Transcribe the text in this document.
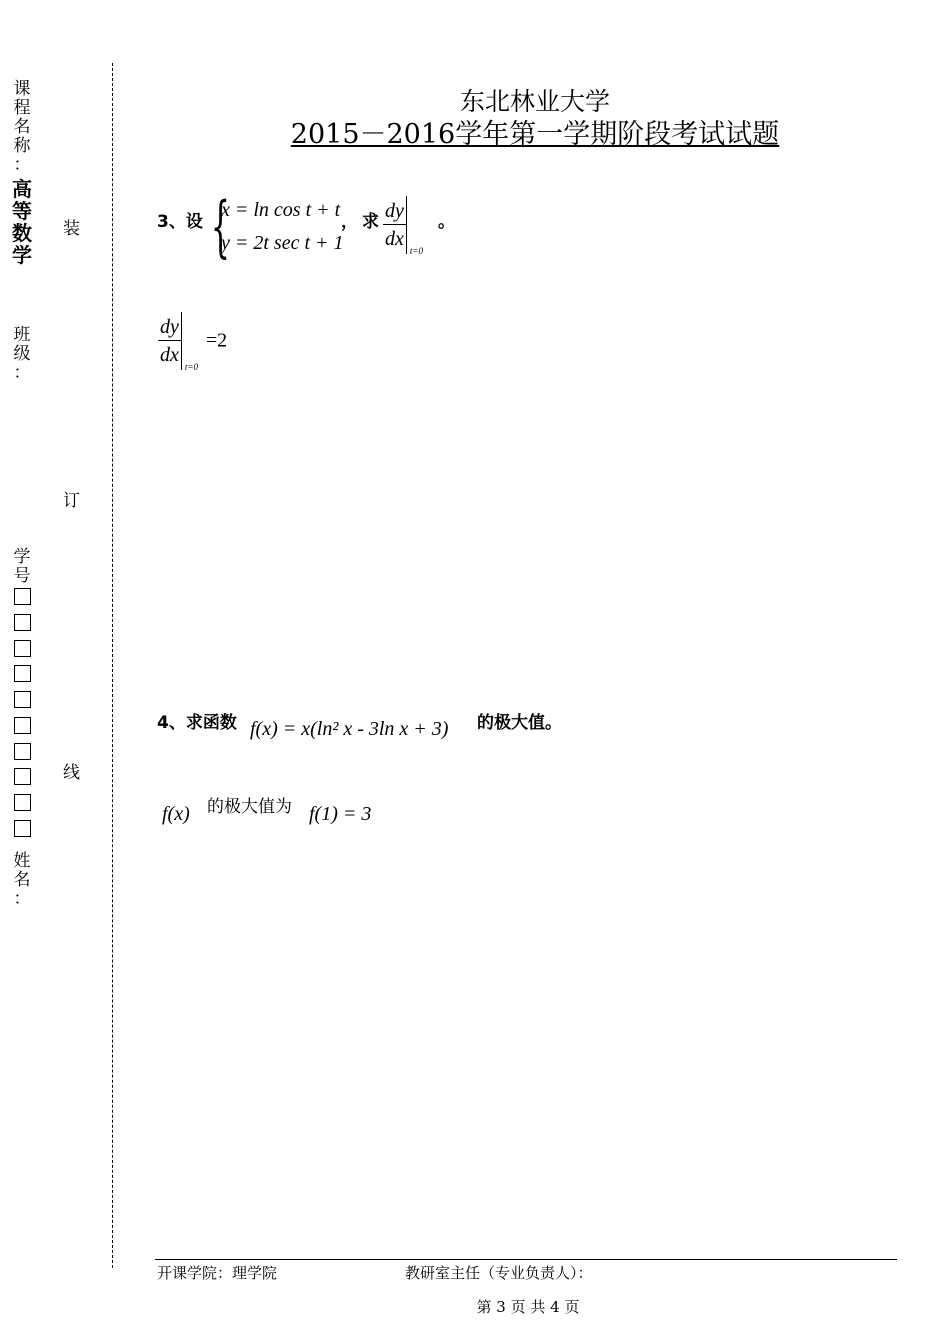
课
程
名
称
：
高
等
数
学
班
级
：
学
号
姓
名
：
装
订
线
东北林业大学
2015－2016学年第一学期阶段考试试题
3、设 {
x = ln cos t + t
y = 2t sec t + 1
， 求 $\frac{dy}{dx} t=0$
。
$\frac{dy}{dx} t=0$
=2
4、求函数 f(x) = x(ln² x - 3ln x + 3) 的极大值。
f(x) 的极大值为 f(1) = 3
开课学院：理学院	教研室主任（专业负责人）：
第 3 页 共 4 页
